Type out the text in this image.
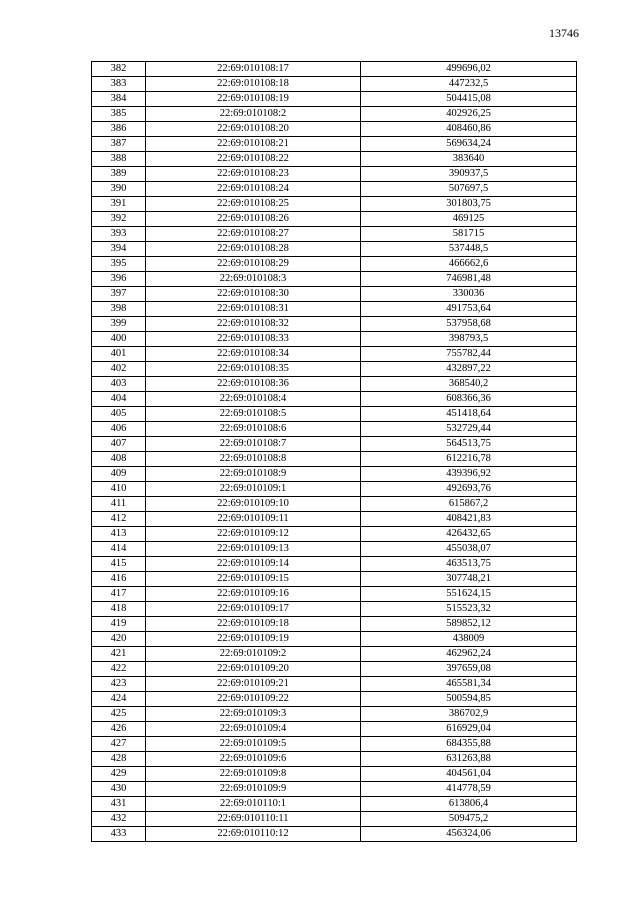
13746
382	22:69:010108:17	499696,02
383	22:69:010108:18	447232,5
384	22:69:010108:19	504415,08
385	22:69:010108:2	402926,25
386	22:69:010108:20	408460,86
387	22:69:010108:21	569634,24
388	22:69:010108:22	383640
389	22:69:010108:23	390937,5
390	22:69:010108:24	507697,5
391	22:69:010108:25	301803,75
392	22:69:010108:26	469125
393	22:69:010108:27	581715
394	22:69:010108:28	537448,5
395	22:69:010108:29	466662,6
396	22:69:010108:3	746981,48
397	22:69:010108:30	330036
398	22:69:010108:31	491753,64
399	22:69:010108:32	537958,68
400	22:69:010108:33	398793,5
401	22:69:010108:34	755782,44
402	22:69:010108:35	432897,22
403	22:69:010108:36	368540,2
404	22:69:010108:4	608366,36
405	22:69:010108:5	451418,64
406	22:69:010108:6	532729,44
407	22:69:010108:7	564513,75
408	22:69:010108:8	612216,78
409	22:69:010108:9	439396,92
410	22:69:010109:1	492693,76
411	22:69:010109:10	615867,2
412	22:69:010109:11	408421,83
413	22:69:010109:12	426432,65
414	22:69:010109:13	455038,07
415	22:69:010109:14	463513,75
416	22:69:010109:15	307748,21
417	22:69:010109:16	551624,15
418	22:69:010109:17	515523,32
419	22:69:010109:18	589852,12
420	22:69:010109:19	438009
421	22:69:010109:2	462962,24
422	22:69:010109:20	397659,08
423	22:69:010109:21	465581,34
424	22:69:010109:22	500594,85
425	22:69:010109:3	386702,9
426	22:69:010109:4	616929,04
427	22:69:010109:5	684355,88
428	22:69:010109:6	631263,88
429	22:69:010109:8	404561,04
430	22:69:010109:9	414778,59
431	22:69:010110:1	613806,4
432	22:69:010110:11	509475,2
433	22:69:010110:12	456324,06
